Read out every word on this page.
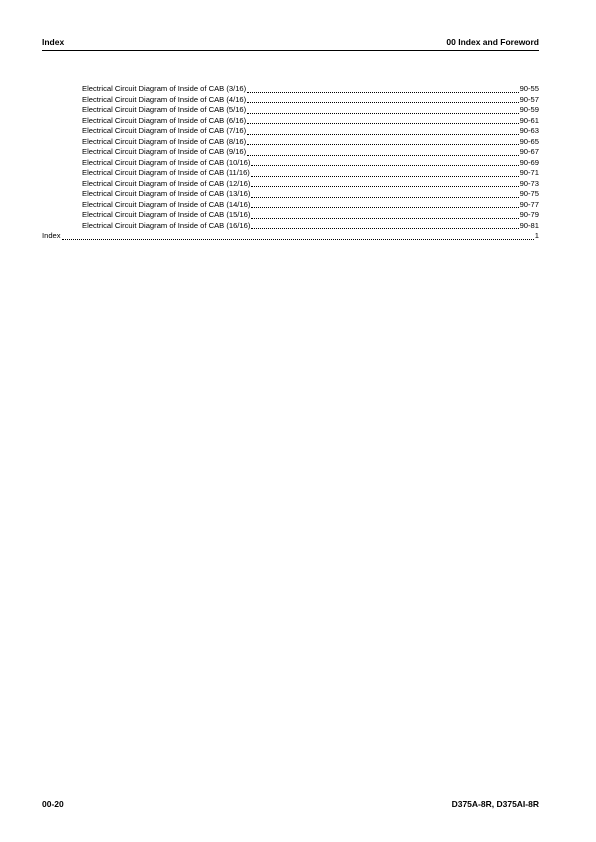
Index	00 Index and Foreword
Electrical Circuit Diagram of Inside of CAB (3/16)	90-55
Electrical Circuit Diagram of Inside of CAB (4/16)	90-57
Electrical Circuit Diagram of Inside of CAB (5/16)	90-59
Electrical Circuit Diagram of Inside of CAB (6/16)	90-61
Electrical Circuit Diagram of Inside of CAB (7/16)	90-63
Electrical Circuit Diagram of Inside of CAB (8/16)	90-65
Electrical Circuit Diagram of Inside of CAB (9/16)	90-67
Electrical Circuit Diagram of Inside of CAB (10/16)	90-69
Electrical Circuit Diagram of Inside of CAB (11/16)	90-71
Electrical Circuit Diagram of Inside of CAB (12/16)	90-73
Electrical Circuit Diagram of Inside of CAB (13/16)	90-75
Electrical Circuit Diagram of Inside of CAB (14/16)	90-77
Electrical Circuit Diagram of Inside of CAB (15/16)	90-79
Electrical Circuit Diagram of Inside of CAB (16/16)	90-81
Index	1
00-20	D375A-8R, D375AI-8R
